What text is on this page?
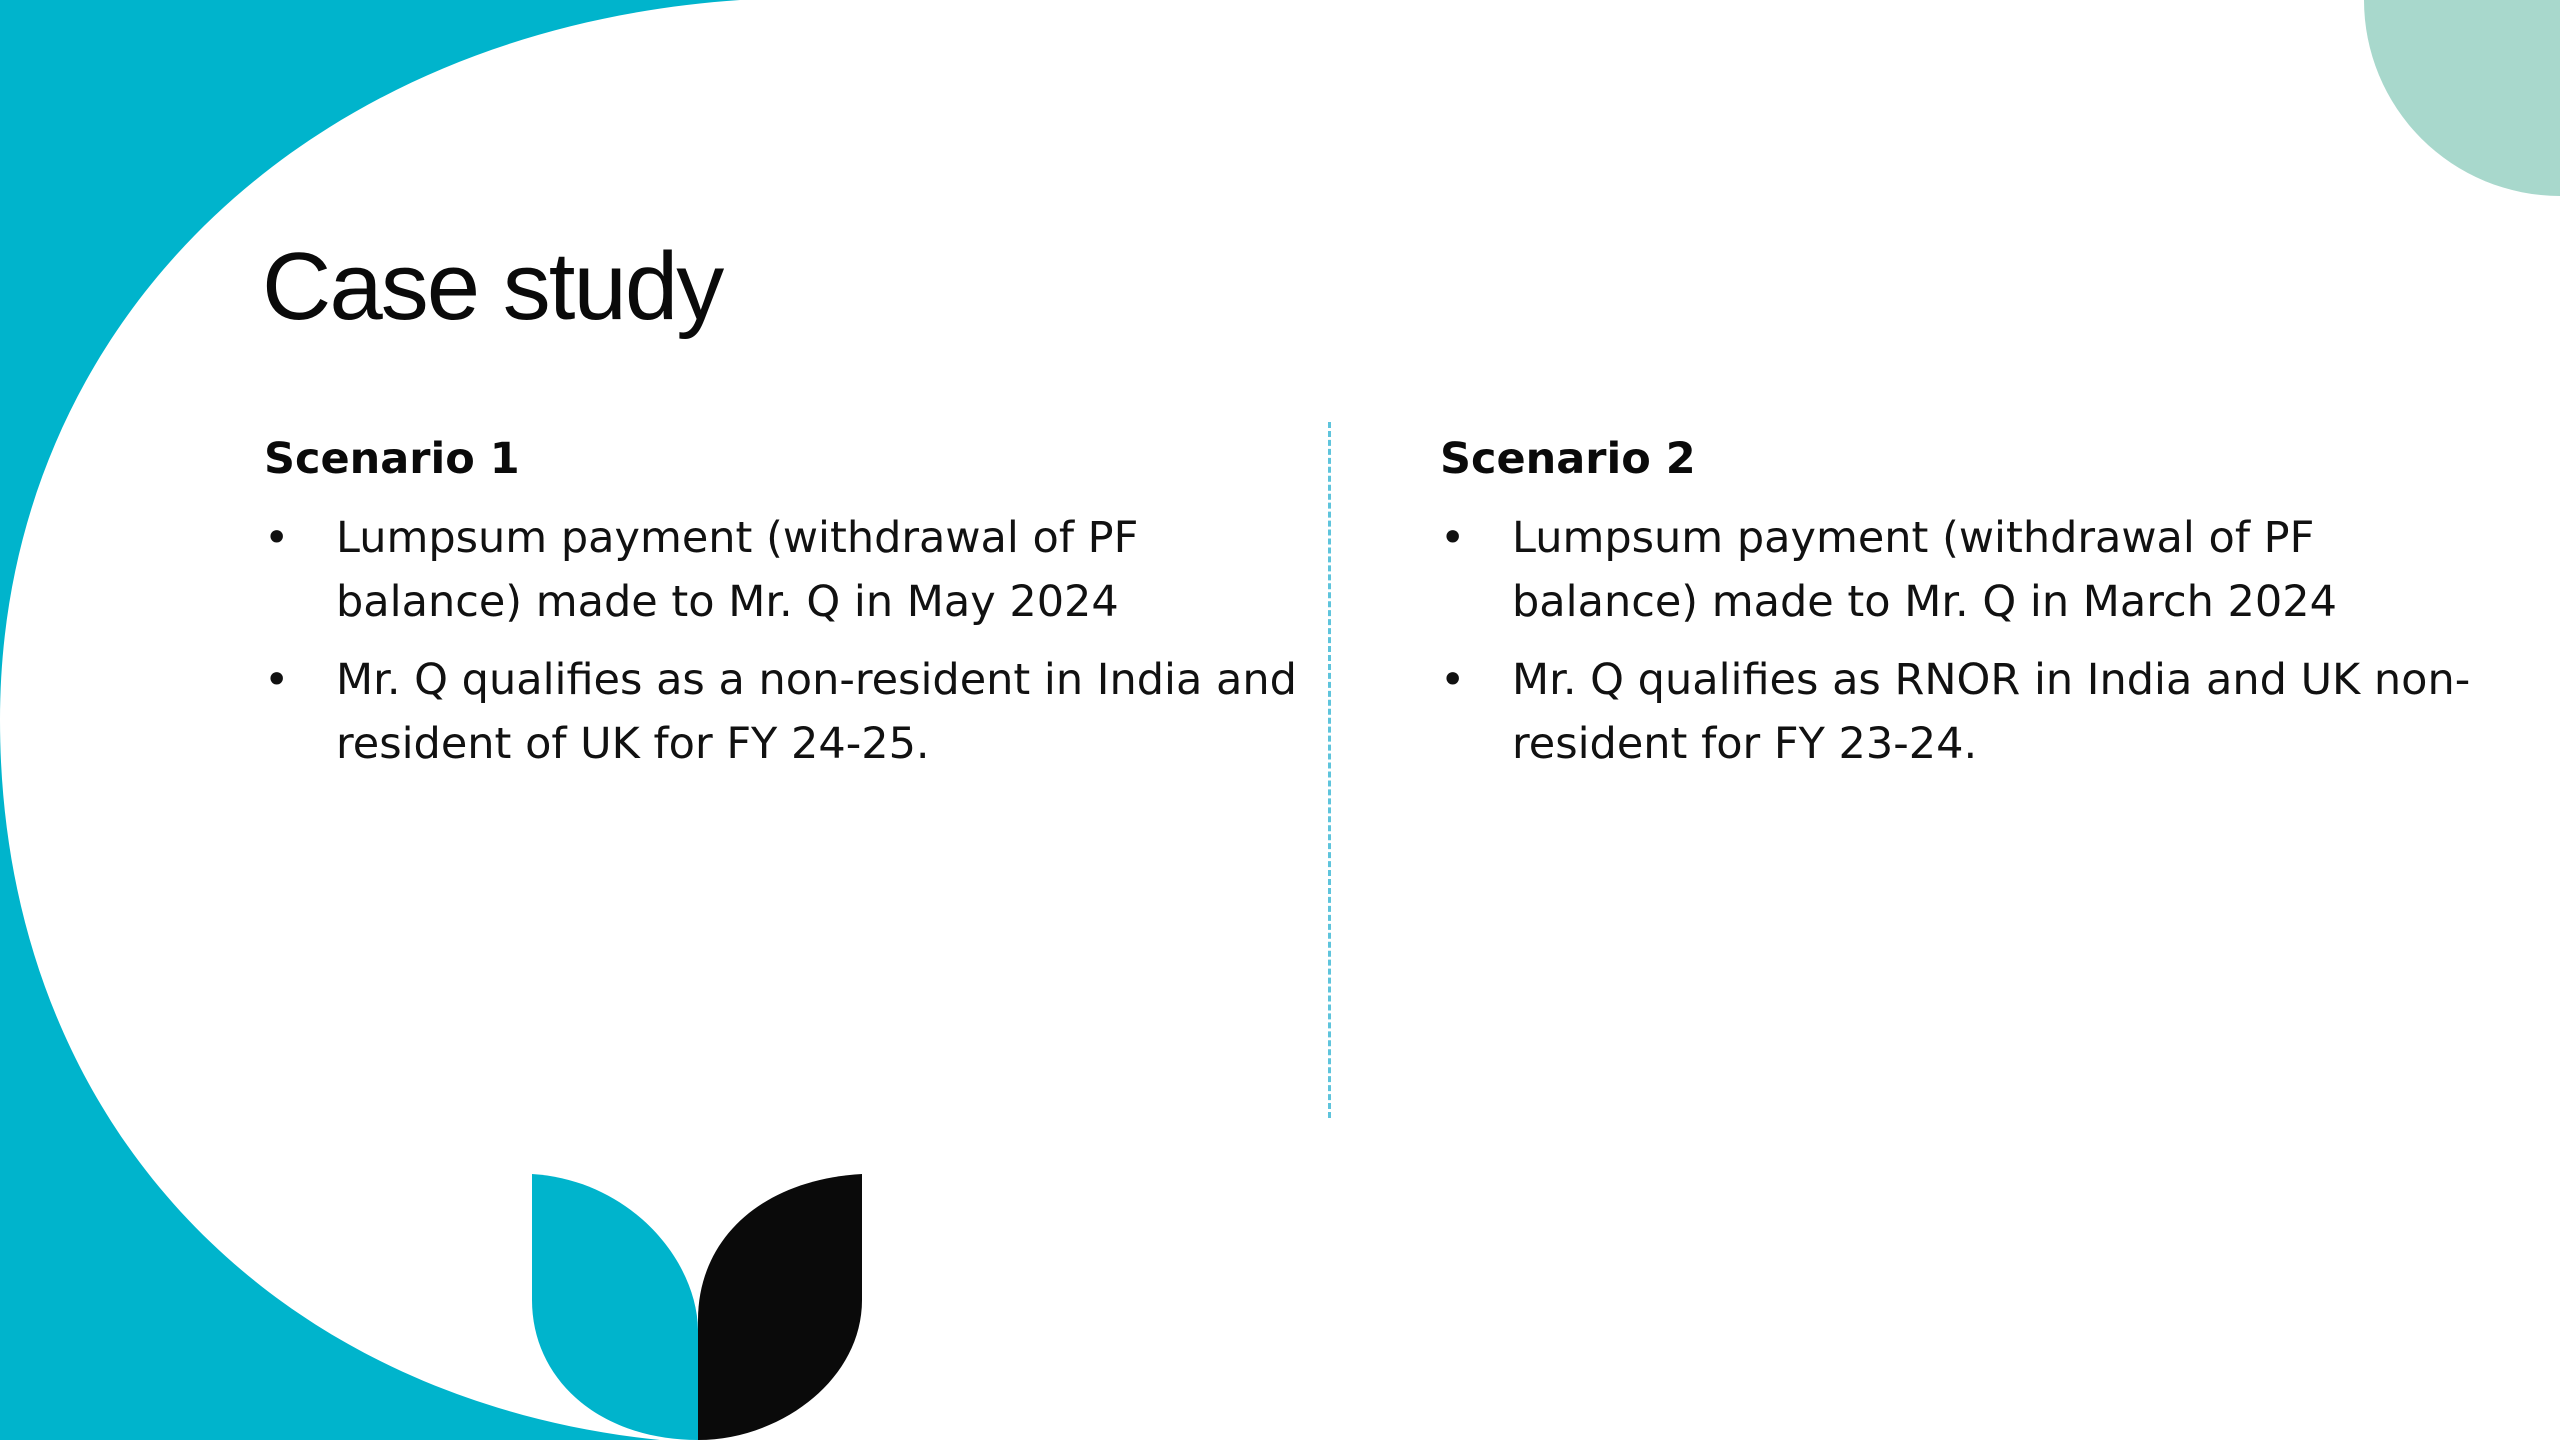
Case study
Scenario 1
• Lumpsum payment (withdrawal of PF balance) made to Mr. Q in May 2024
• Mr. Q qualifies as a non-resident in India and resident of UK for FY 24-25.
Scenario 2
• Lumpsum payment (withdrawal of PF balance) made to Mr. Q in March 2024
• Mr. Q qualifies as RNOR in India and UK non-resident for FY 23-24.
